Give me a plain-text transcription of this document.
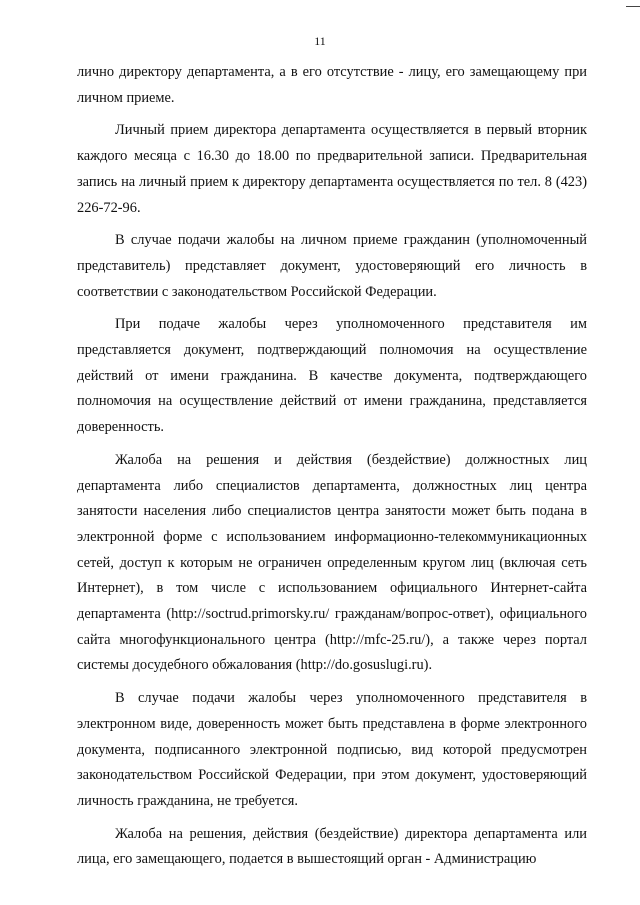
11

лично директору департамента, а в его отсутствие - лицу, его замещающему при личном приеме.

Личный прием директора департамента осуществляется в первый вторник каждого месяца с 16.30 до 18.00 по предварительной записи. Предварительная запись на личный прием к директору департамента осуществляется по тел. 8 (423) 226-72-96.

В случае подачи жалобы на личном приеме гражданин (уполномоченный представитель) представляет документ, удостоверяющий его личность в соответствии с законодательством Российской Федерации.

При подаче жалобы через уполномоченного представителя им представляется документ, подтверждающий полномочия на осуществление действий от имени гражданина. В качестве документа, подтверждающего полномочия на осуществление действий от имени гражданина, представляется доверенность.

Жалоба на решения и действия (бездействие) должностных лиц департамента либо специалистов департамента, должностных лиц центра занятости населения либо специалистов центра занятости может быть подана в электронной форме с использованием информационно-телекоммуникационных сетей, доступ к которым не ограничен определенным кругом лиц (включая сеть Интернет), в том числе с использованием официального Интернет-сайта департамента (http://soctrud.primorsky.ru/ гражданам/вопрос-ответ), официального сайта многофункционального центра (http://mfc-25.ru/), а также через портал системы досудебного обжалования (http://do.gosuslugi.ru).

В случае подачи жалобы через уполномоченного представителя в электронном виде, доверенность может быть представлена в форме электронного документа, подписанного электронной подписью, вид которой предусмотрен законодательством Российской Федерации, при этом документ, удостоверяющий личность гражданина, не требуется.

Жалоба на решения, действия (бездействие) директора департамента или лица, его замещающего, подается в вышестоящий орган - Администрацию
